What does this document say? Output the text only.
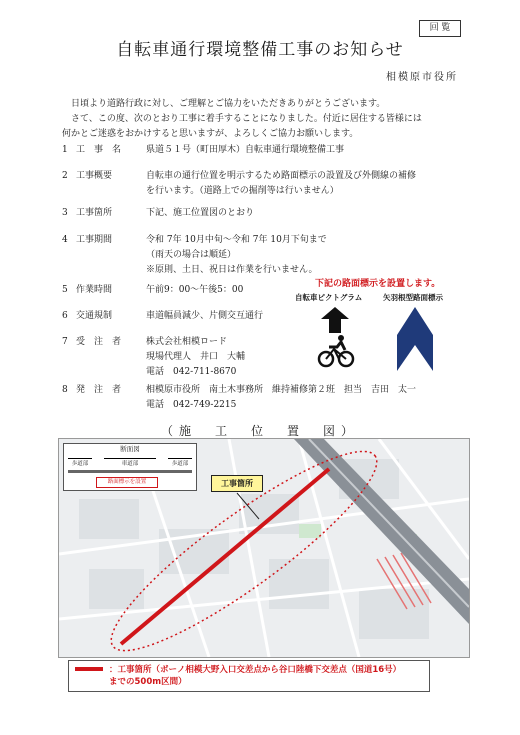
回 覧
自転車通行環境整備工事のお知らせ
相模原市役所
日頃より道路行政に対し、ご理解とご協力をいただきありがとうございます。
さて、この度、次のとおり工事に着手することになりました。付近に居住する皆様には
何かとご迷惑をおかけすると思いますが、よろしくご協力お願いします。
1 工　事　名	県道５１号（町田厚木）自転車通行環境整備工事
2 工事概要	自転車の通行位置を明示するため路面標示の設置及び外側線の補修
を行います。（道路上での掘削等は行いません）
3 工事箇所	下記、施工位置図のとおり
4 工事期間	令和 7年 10月中旬～令和 7年 10月下旬まで
（雨天の場合は順延）
※原則、土日、祝日は作業を行いません。
5 作業時間	午前9：00～午後5：00
6 交通規制	車道幅員減少、片側交互通行
7 受　注　者	株式会社相模ロード
現場代理人　井口　大輔
電話　042-711-8670
8 発　注　者	相模原市役所　南土木事務所　維持補修第２班　担当　吉田　太一
電話　042-749-2215
下記の路面標示を設置します。
自転車ピクトグラム	矢羽根型路面標示
（施　工　位　置　図）
断面図
歩道部	車道部	歩道部
路面標示を設置	工事箇所
：工事箇所（ボーノ相模大野入口交差点から谷口陸橋下交差点（国道16号）
までの500m区間）
